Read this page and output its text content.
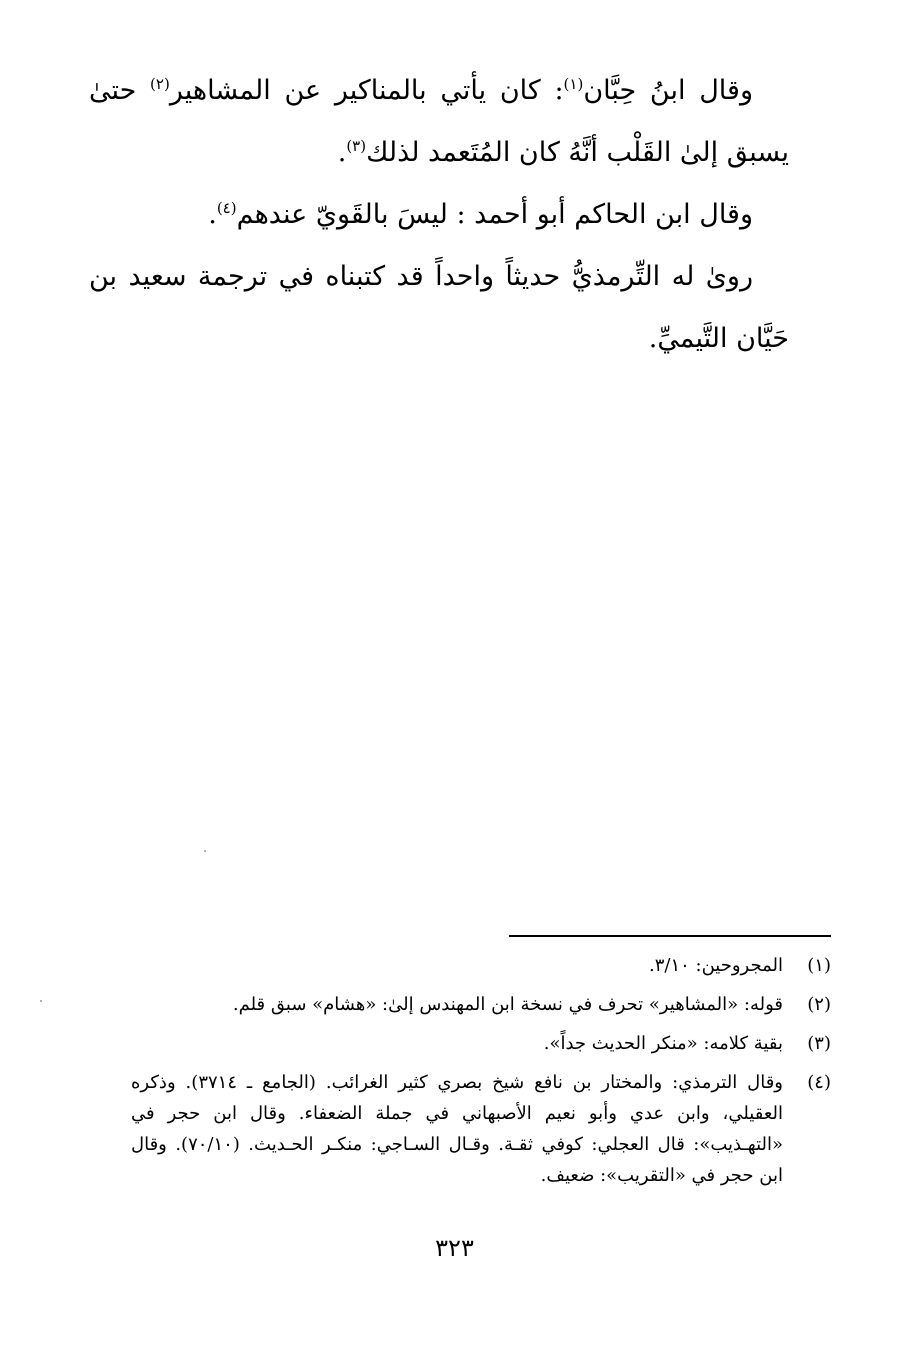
وقال ابنُ حِبَّان$^{(١)}$: كان يأتي بالمناكير عن المشاهير$^{(٢)}$ حتىٰ يسبق إلىٰ القَلْب أنَّهُ كان المُتَعمد لذلك$^{(٣)}$.

وقال ابن الحاكم أبو أحمد : ليسَ بالقَويّ عندهم$^{(٤)}$.

روىٰ له التِّرمذيُّ حديثاً واحداً قد كتبناه في ترجمة سعيد بن حَيَّان التَّيميِّ.

(١)
المجروحين: ٣/١٠.
(٢)
قوله: «المشاهير» تحرف في نسخة ابن المهندس إلىٰ: «هشام» سبق قلم.
(٣)
بقية كلامه: «منكر الحديث جداً».
(٤)
وقال الترمذي: والمختار بن نافع شيخ بصري كثير الغرائب. (الجامع ـ ٣٧١٤). وذكره العقيلي، وابن عدي وأبو نعيم الأصبهاني في جملة الضعفاء. وقال ابن حجر في «التهـذيب»: قال العجلي: كوفي ثقـة. وقـال السـاجي: منكـر الحـديث. (٧٠/١٠). وقال ابن حجر في «التقريب»: ضعيف.
٣٢٣
